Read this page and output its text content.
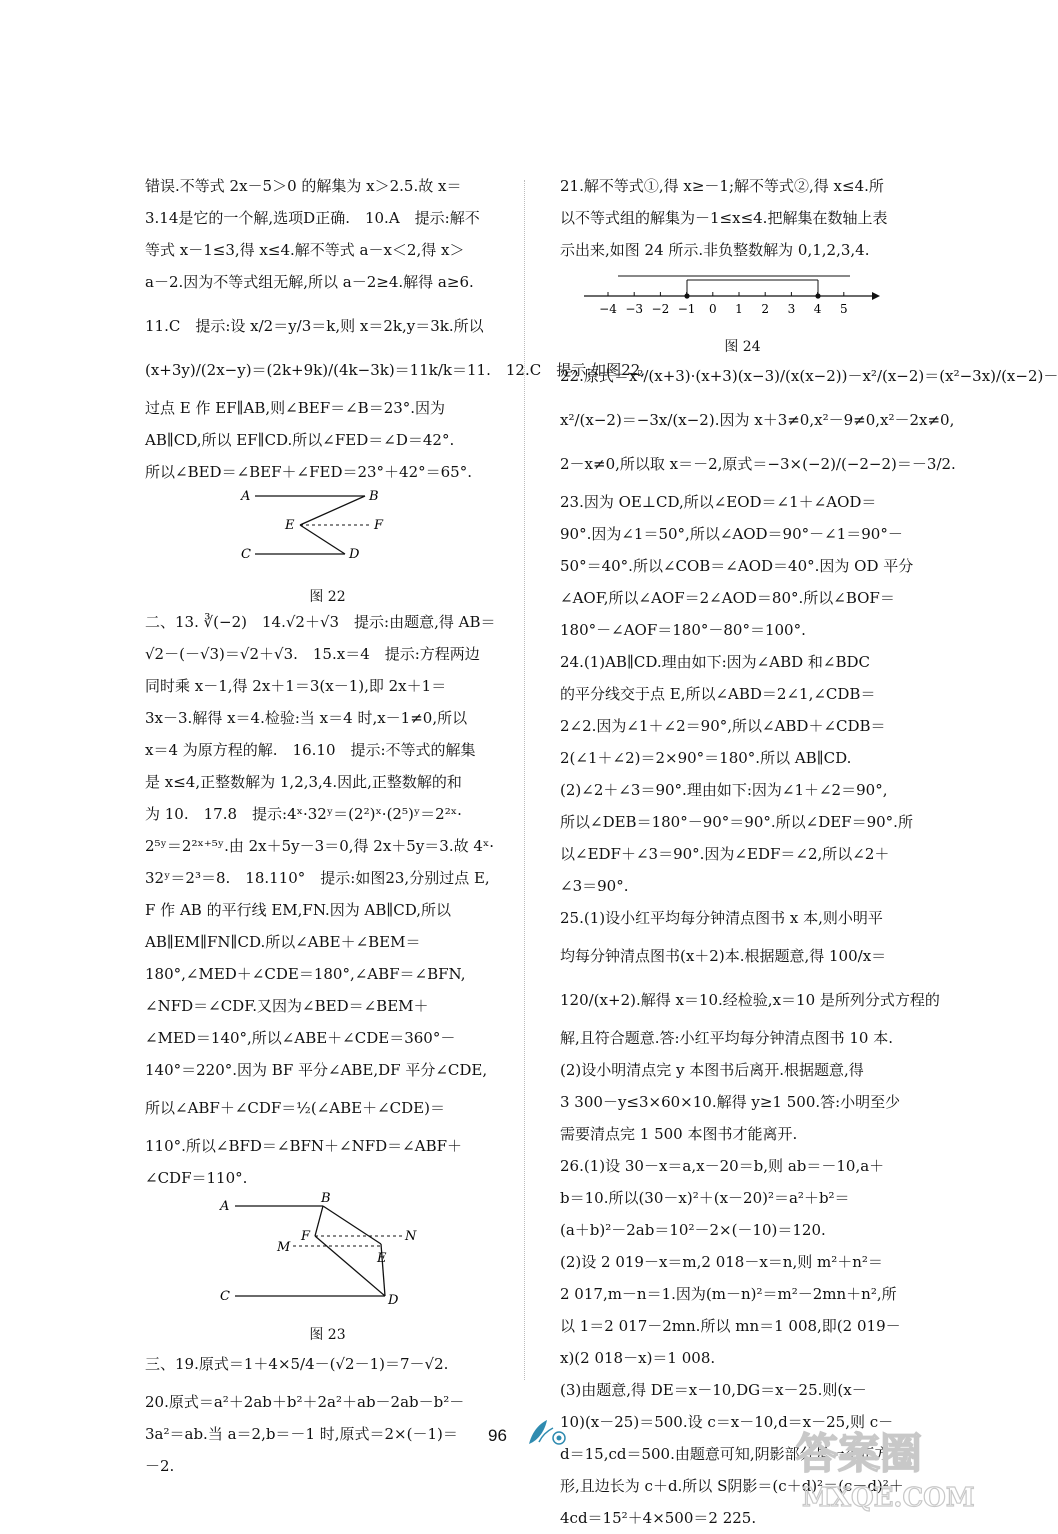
错误.不等式 2x－5＞0 的解集为 x＞2.5.故 x＝
3.14是它的一个解,选项D正确.　10.A　提示:解不
等式 x－1≤3,得 x≤4.解不等式 a－x＜2,得 x＞
a－2.因为不等式组无解,所以 a－2≥4.解得 a≥6.
11.C　提示:设 x/2＝y/3＝k,则 x＝2k,y＝3k.所以
(x+3y)/(2x−y)＝(2k+9k)/(4k−3k)＝11k/k＝11.　12.C　提示:如图22,
过点 E 作 EF∥AB,则∠BEF＝∠B＝23°.因为
AB∥CD,所以 EF∥CD.所以∠FED＝∠D＝42°.
所以∠BED＝∠BEF＋∠FED＝23°＋42°＝65°.
A	B
E	F
C	D
图 22
二、13. ∛(−2)　14.√2＋√3　提示:由题意,得 AB＝
√2－(－√3)＝√2＋√3.　15.x＝4　提示:方程两边
同时乘 x－1,得 2x＋1＝3(x－1),即 2x＋1＝
3x－3.解得 x＝4.检验:当 x＝4 时,x－1≠0,所以
x＝4 为原方程的解.　16.10　提示:不等式的解集
是 x≤4,正整数解为 1,2,3,4.因此,正整数解的和
为 10.　17.8　提示:4ˣ·32ʸ＝(2²)ˣ·(2⁵)ʸ＝2²ˣ·
2⁵ʸ＝2²ˣ⁺⁵ʸ.由 2x＋5y－3＝0,得 2x＋5y＝3.故 4ˣ·
32ʸ＝2³＝8.　18.110°　提示:如图23,分别过点 E,
F 作 AB 的平行线 EM,FN.因为 AB∥CD,所以
AB∥EM∥FN∥CD.所以∠ABE＋∠BEM＝
180°,∠MED＋∠CDE＝180°,∠ABF＝∠BFN,
∠NFD＝∠CDF.又因为∠BED＝∠BEM＋
∠MED＝140°,所以∠ABE＋∠CDE＝360°－
140°＝220°.因为 BF 平分∠ABE,DF 平分∠CDE,
所以∠ABF＋∠CDF＝½(∠ABE＋∠CDE)＝
110°.所以∠BFD＝∠BFN＋∠NFD＝∠ABF＋
∠CDF＝110°.
A
B
F	N
M
E
C	D
图 23
三、19.原式＝1＋4×5/4－(√2－1)＝7－√2.
20.原式＝a²＋2ab＋b²＋2a²＋ab－2ab－b²－
3a²＝ab.当 a＝2,b＝－1 时,原式＝2×(－1)＝
－2.
21.解不等式①,得 x≥－1;解不等式②,得 x≤4.所
以不等式组的解集为－1≤x≤4.把解集在数轴上表
示出来,如图 24 所示.非负整数解为 0,1,2,3,4.
−4 −3 −2 −1 0 1 2 3 4 5
图 24
22.原式＝x²/(x+3)·(x+3)(x−3)/(x(x−2))－x²/(x−2)＝(x²−3x)/(x−2)－
x²/(x−2)＝−3x/(x−2).因为 x＋3≠0,x²－9≠0,x²－2x≠0,
2－x≠0,所以取 x＝－2,原式＝−3×(−2)/(−2−2)＝－3/2.
23.因为 OE⊥CD,所以∠EOD＝∠1＋∠AOD＝
90°.因为∠1＝50°,所以∠AOD＝90°－∠1＝90°－
50°＝40°.所以∠COB＝∠AOD＝40°.因为 OD 平分
∠AOF,所以∠AOF＝2∠AOD＝80°.所以∠BOF＝
180°－∠AOF＝180°－80°＝100°.
24.(1)AB∥CD.理由如下:因为∠ABD 和∠BDC
的平分线交于点 E,所以∠ABD＝2∠1,∠CDB＝
2∠2.因为∠1＋∠2＝90°,所以∠ABD＋∠CDB＝
2(∠1＋∠2)＝2×90°＝180°.所以 AB∥CD.
(2)∠2＋∠3＝90°.理由如下:因为∠1＋∠2＝90°,
所以∠DEB＝180°－90°＝90°.所以∠DEF＝90°.所
以∠EDF＋∠3＝90°.因为∠EDF＝∠2,所以∠2＋
∠3＝90°.
25.(1)设小红平均每分钟清点图书 x 本,则小明平
均每分钟清点图书(x＋2)本.根据题意,得 100/x＝
120/(x+2).解得 x＝10.经检验,x＝10 是所列分式方程的
解,且符合题意.答:小红平均每分钟清点图书 10 本.
(2)设小明清点完 y 本图书后离开.根据题意,得
3 300－y≤3×60×10.解得 y≥1 500.答:小明至少
需要清点完 1 500 本图书才能离开.
26.(1)设 30－x＝a,x－20＝b,则 ab＝－10,a＋
b＝10.所以(30－x)²＋(x－20)²＝a²＋b²＝
(a＋b)²－2ab＝10²－2×(－10)＝120.
(2)设 2 019－x＝m,2 018－x＝n,则 m²＋n²＝
2 017,m－n＝1.因为(m－n)²＝m²－2mn＋n²,所
以 1＝2 017－2mn.所以 mn＝1 008,即(2 019－
x)(2 018－x)＝1 008.
(3)由题意,得 DE＝x－10,DG＝x－25.则(x－
10)(x－25)＝500.设 c＝x－10,d＝x－25,则 c－
d＝15,cd＝500.由题意可知,阴影部分是一个正方
形,且边长为 c＋d.所以 S阴影＝(c＋d)²＝(c－d)²＋
4cd＝15²＋4×500＝2 225.
96	答案圈
MXQE.COM
